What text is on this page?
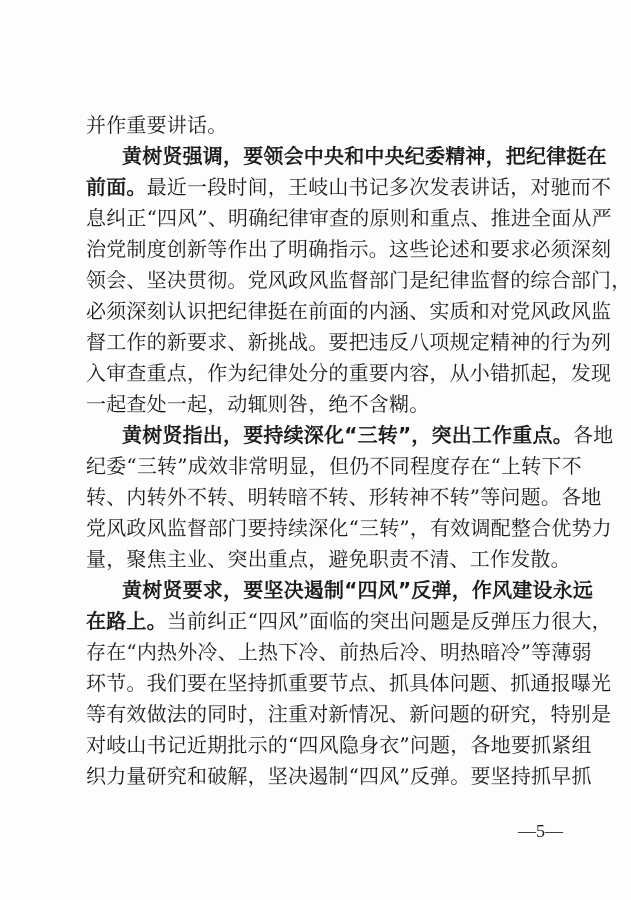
并作重要讲话。
黄树贤强调，要领会中央和中央纪委精神，把纪律挺在
前面。最近一段时间，王岐山书记多次发表讲话，对驰而不
息纠正“四风”、明确纪律审查的原则和重点、推进全面从严
治党制度创新等作出了明确指示。这些论述和要求必须深刻
领会、坚决贯彻。党风政风监督部门是纪律监督的综合部门，
必须深刻认识把纪律挺在前面的内涵、实质和对党风政风监
督工作的新要求、新挑战。要把违反八项规定精神的行为列
入审查重点，作为纪律处分的重要内容，从小错抓起，发现
一起查处一起，动辄则咎，绝不含糊。
黄树贤指出，要持续深化“三转”，突出工作重点。各地
纪委“三转”成效非常明显，但仍不同程度存在“上转下不
转、内转外不转、明转暗不转、形转神不转”等问题。各地
党风政风监督部门要持续深化“三转”，有效调配整合优势力
量，聚焦主业、突出重点，避免职责不清、工作发散。
黄树贤要求，要坚决遏制“四风”反弹，作风建设永远
在路上。当前纠正“四风”面临的突出问题是反弹压力很大，
存在“内热外冷、上热下冷、前热后冷、明热暗冷”等薄弱
环节。我们要在坚持抓重要节点、抓具体问题、抓通报曝光
等有效做法的同时，注重对新情况、新问题的研究，特别是
对岐山书记近期批示的“四风隐身衣”问题，各地要抓紧组
织力量研究和破解，坚决遏制“四风”反弹。要坚持抓早抓
—5—
